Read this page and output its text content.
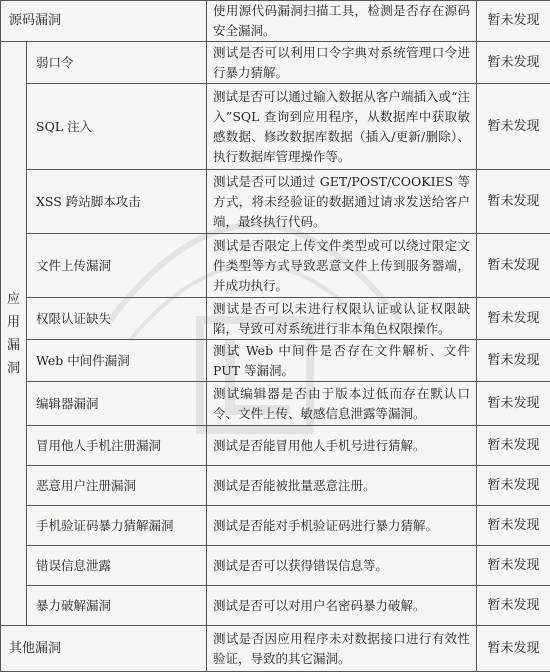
源码漏洞		使用源代码漏洞扫描工具，检测是否存在源码安全漏洞。	暂未发现

应
用
漏
洞	弱口令	测试是否可以利用口令字典对系统管理口令进行暴力猜解。	暂未发现
	SQL 注入	测试是否可以通过输入数据从客户端插入或“注入”SQL 查询到应用程序，从数据库中获取敏感数据、修改数据库数据（插入/更新/删除）、执行数据库管理操作等。	暂未发现
	XSS 跨站脚本攻击	测试是否可以通过 GET/POST/COOKIES 等方式，将未经验证的数据通过请求发送给客户端，最终执行代码。	暂未发现
	文件上传漏洞	测试是否限定上传文件类型或可以绕过限定文件类型等方式导致恶意文件上传到服务器端，并成功执行。	暂未发现
	权限认证缺失	测试是否可以未进行权限认证或认证权限缺陷，导致可对系统进行非本角色权限操作。	暂未发现
	Web 中间件漏洞	测试 Web 中间件是否存在文件解析、文件 PUT 等漏洞。	暂未发现
	编辑器漏洞	测试编辑器是否由于版本过低而存在默认口令、文件上传、敏感信息泄露等漏洞。	暂未发现
	冒用他人手机注册漏洞	测试是否能冒用他人手机号进行猜解。	暂未发现
	恶意用户注册漏洞	测试是否能被批量恶意注册。	暂未发现
	手机验证码暴力猜解漏洞	测试是否能对手机验证码进行暴力猜解。	暂未发现
	错误信息泄露	测试是否可以获得错误信息等。	暂未发现
	暴力破解漏洞	测试是否可以对用户名密码暴力破解。	暂未发现
其他漏洞		测试是否因应用程序未对数据接口进行有效性验证，导致的其它漏洞。	暂未发现
